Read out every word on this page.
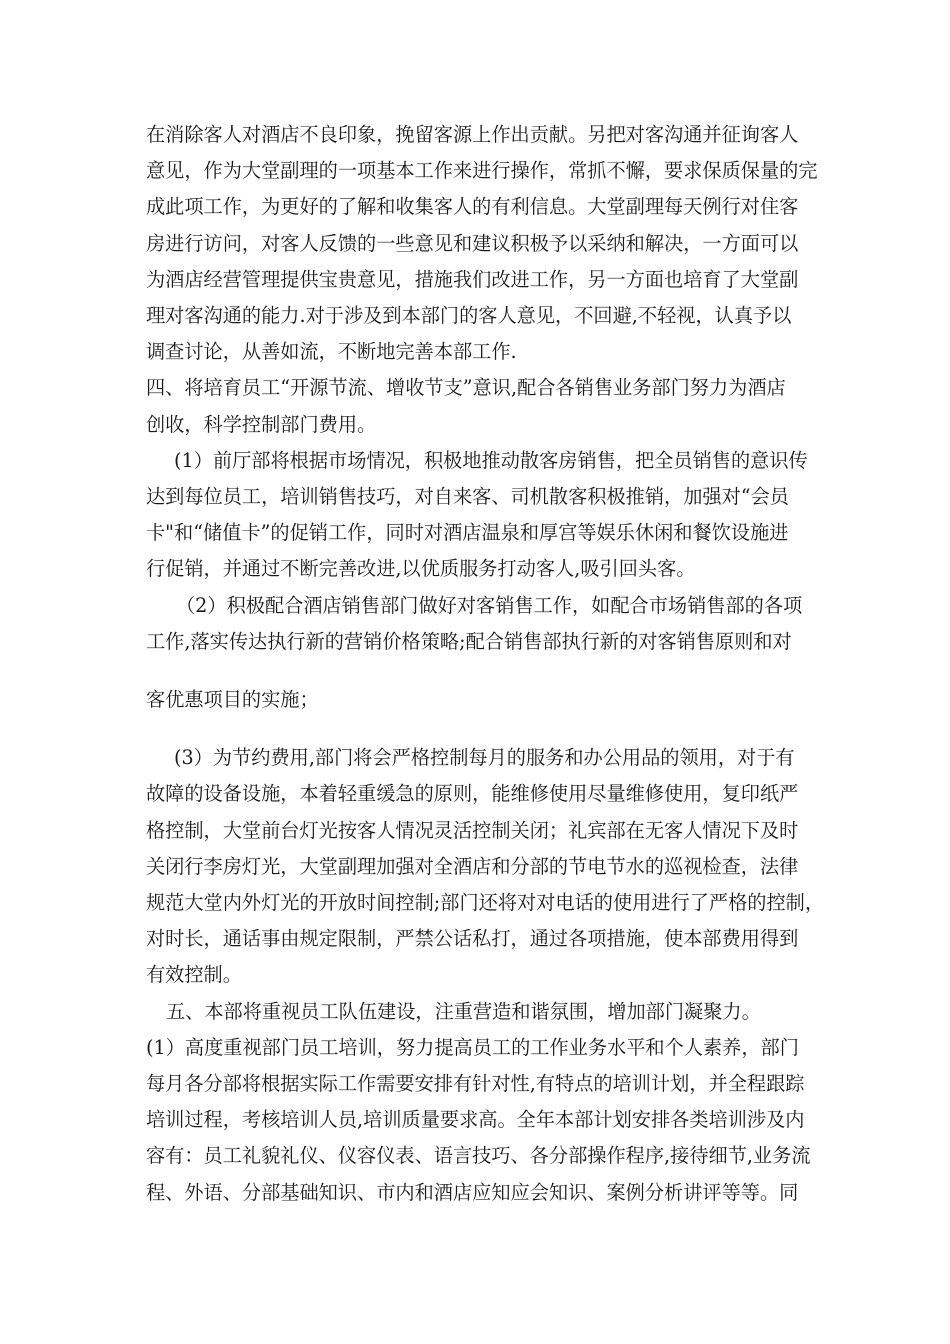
在消除客人对酒店不良印象，挽留客源上作出贡献。另把对客沟通并征询客人
意见，作为大堂副理的一项基本工作来进行操作，常抓不懈，要求保质保量的完
成此项工作，为更好的了解和收集客人的有利信息。大堂副理每天例行对住客
房进行访问，对客人反馈的一些意见和建议积极予以采纳和解决，一方面可以
为酒店经营管理提供宝贵意见，措施我们改进工作，另一方面也培育了大堂副
理对客沟通的能力.对于涉及到本部门的客人意见，不回避,不轻视，认真予以
调查讨论，从善如流，不断地完善本部工作.
四、将培育员工“开源节流、增收节支”意识,配合各销售业务部门努力为酒店
创收，科学控制部门费用。
(1）前厅部将根据市场情况，积极地推动散客房销售，把全员销售的意识传
达到每位员工，培训销售技巧，对自来客、司机散客积极推销，加强对“会员
卡"和“储值卡”的促销工作，同时对酒店温泉和厚宫等娱乐休闲和餐饮设施进
行促销，并通过不断完善改进,以优质服务打动客人,吸引回头客。
（2）积极配合酒店销售部门做好对客销售工作，如配合市场销售部的各项
工作,落实传达执行新的营销价格策略;配合销售部执行新的对客销售原则和对
客优惠项目的实施；
(3）为节约费用,部门将会严格控制每月的服务和办公用品的领用，对于有
故障的设备设施，本着轻重缓急的原则，能维修使用尽量维修使用，复印纸严
格控制，大堂前台灯光按客人情况灵活控制关闭；礼宾部在无客人情况下及时
关闭行李房灯光，大堂副理加强对全酒店和分部的节电节水的巡视检查，法律
规范大堂内外灯光的开放时间控制;部门还将对对电话的使用进行了严格的控制，
对时长，通话事由规定限制，严禁公话私打，通过各项措施，使本部费用得到
有效控制。
五、本部将重视员工队伍建设，注重营造和谐氛围，增加部门凝聚力。
(1）高度重视部门员工培训，努力提高员工的工作业务水平和个人素养，部门
每月各分部将根据实际工作需要安排有针对性,有特点的培训计划，并全程跟踪
培训过程，考核培训人员,培训质量要求高。全年本部计划安排各类培训涉及内
容有：员工礼貌礼仪、仪容仪表、语言技巧、各分部操作程序,接待细节,业务流
程、外语、分部基础知识、市内和酒店应知应会知识、案例分析讲评等等。同
